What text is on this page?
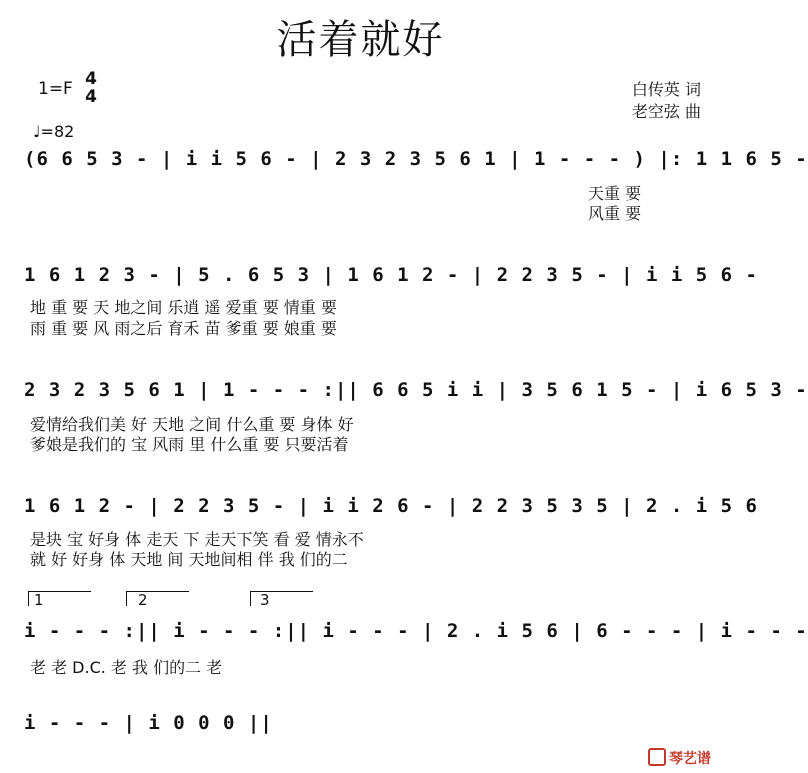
活着就好
1=F 4
4
♩=82
白传英 词
老空弦 曲
(6 6 5 3 - | i i 5 6 - | 2 3 2 3 5 6 1 | 1 - - - ) |: 1 1 6 5 -
天重 要
风重 要
1 6 1 2 3 - | 5 . 6 5 3 | 1 6 1 2 - | 2 2 3 5 - | i i 5 6 -
地 重 要 天 地之间 乐逍 遥 爱重 要 情重 要
雨 重 要 风 雨之后 育禾 苗 爹重 要 娘重 要
2 3 2 3 5 6 1 | 1 - - - :|| 6 6 5 i i | 3 5 6 1 5 - | i 6 5 3 -
爱情给我们美 好 天地 之间 什么重 要 身体 好
爹娘是我们的 宝 风雨 里 什么重 要 只要活着
1 6 1 2 - | 2 2 3 5 - | i i 2 6 - | 2 2 3 5 3 5 | 2 . i 5 6
是块 宝 好身 体 走天 下 走天下笑 看 爱 情永不
就 好 好身 体 天地 间 天地间相 伴 我 们的二
1	2	3
i - - - :|| i - - - :|| i - - - | 2 . i 5 6 | 6 - - - | i - - -
老 老 D.C. 老 我 们的二 老
i - - - | i 0 0 0 ||
琴艺谱
